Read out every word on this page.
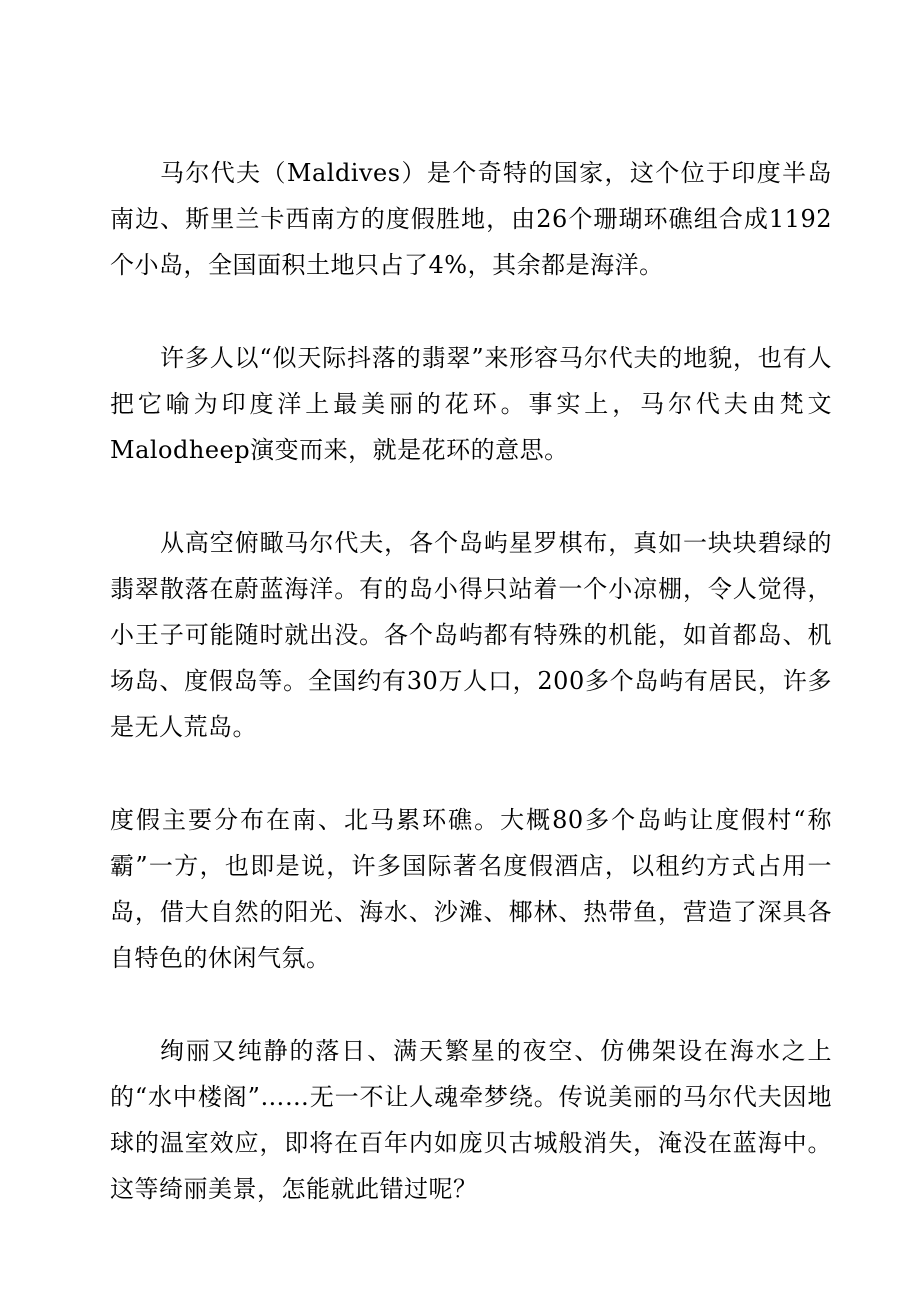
马尔代夫（Maldives）是个奇特的国家，这个位于印度半岛南边、斯里兰卡西南方的度假胜地，由26个珊瑚环礁组合成1192个小岛，全国面积土地只占了4%，其余都是海洋。

许多人以“似天际抖落的翡翠”来形容马尔代夫的地貌，也有人把它喻为印度洋上最美丽的花环。事实上，马尔代夫由梵文Malodheep演变而来，就是花环的意思。

从高空俯瞰马尔代夫，各个岛屿星罗棋布，真如一块块碧绿的翡翠散落在蔚蓝海洋。有的岛小得只站着一个小凉棚，令人觉得，小王子可能随时就出没。各个岛屿都有特殊的机能，如首都岛、机场岛、度假岛等。全国约有30万人口，200多个岛屿有居民，许多是无人荒岛。

度假主要分布在南、北马累环礁。大概80多个岛屿让度假村“称霸”一方，也即是说，许多国际著名度假酒店，以租约方式占用一岛，借大自然的阳光、海水、沙滩、椰林、热带鱼，营造了深具各自特色的休闲气氛。

绚丽又纯静的落日、满天繁星的夜空、仿佛架设在海水之上的“水中楼阁”……无一不让人魂牵梦绕。传说美丽的马尔代夫因地球的温室效应，即将在百年内如庞贝古城般消失，淹没在蓝海中。这等绮丽美景，怎能就此错过呢？
